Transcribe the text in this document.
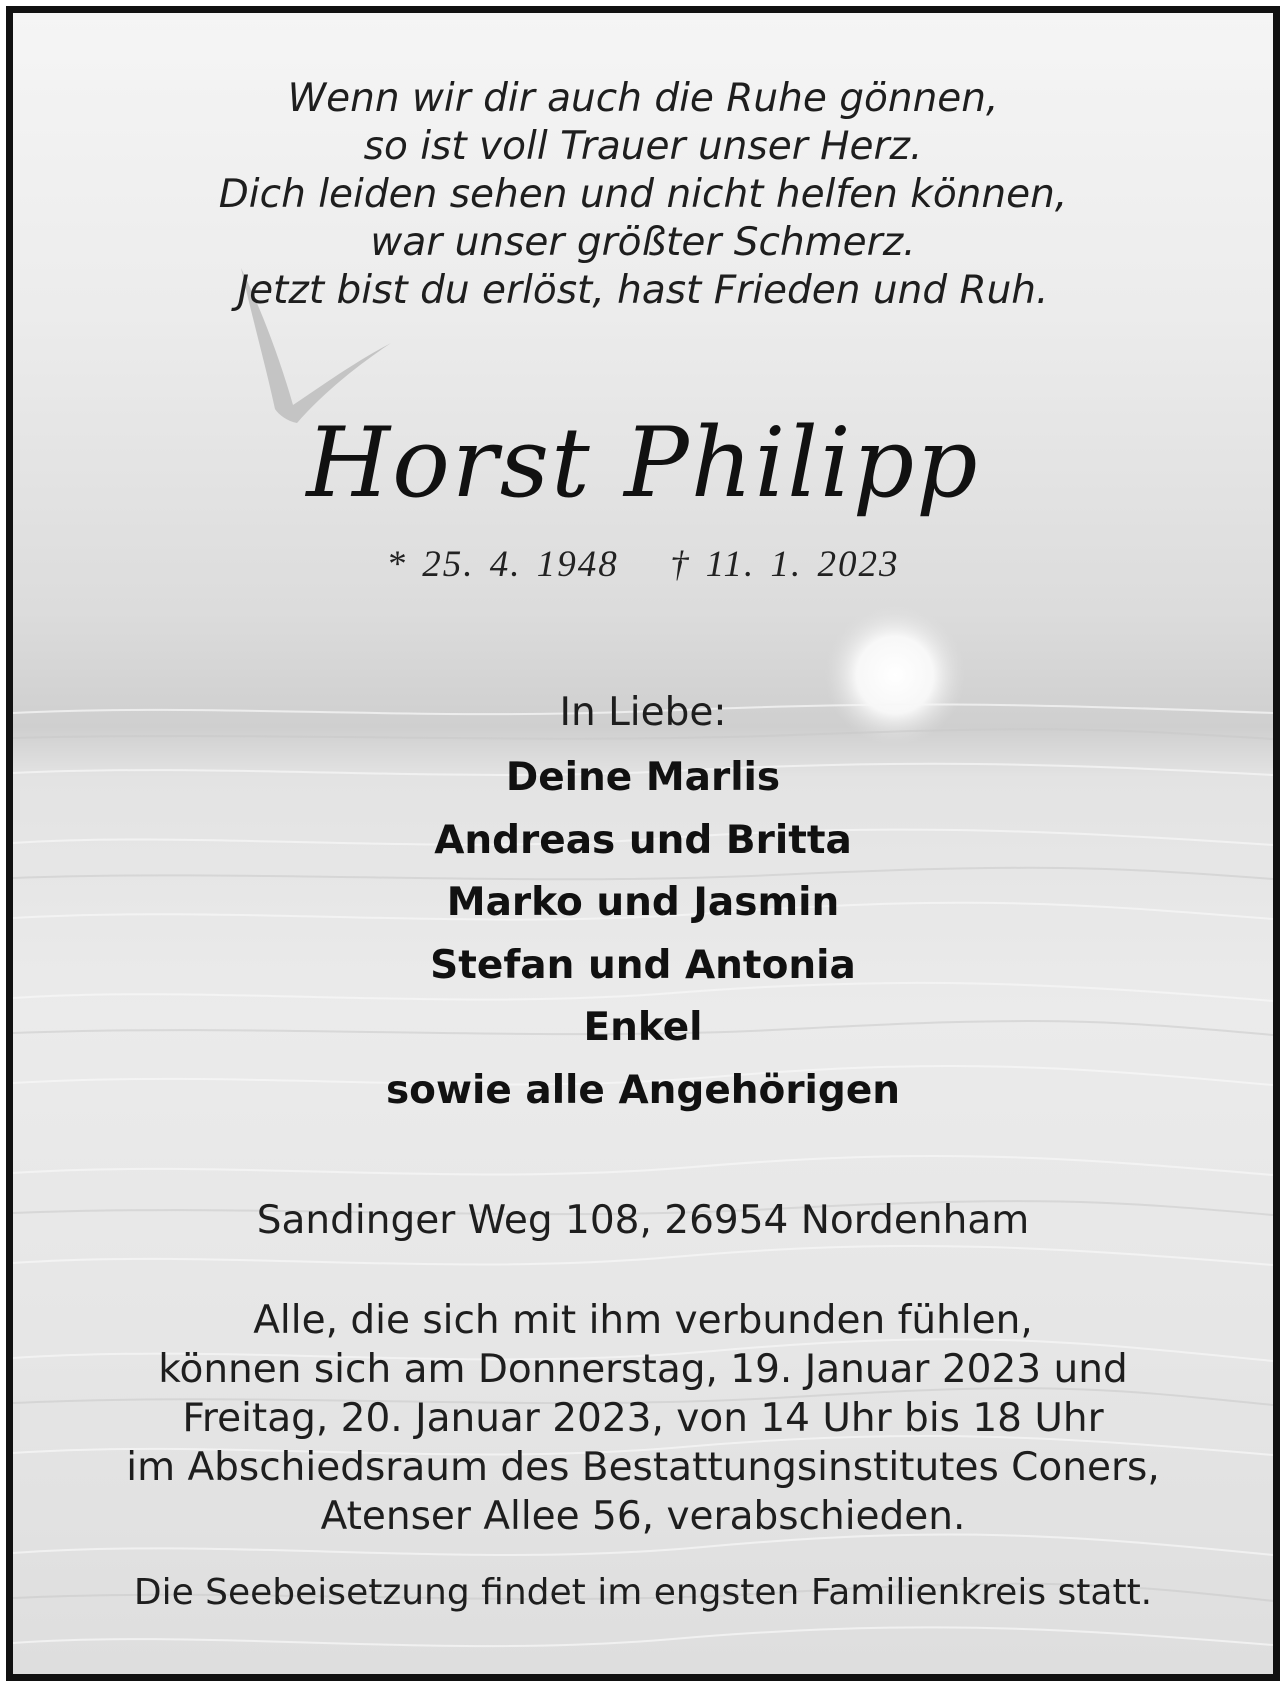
Wenn wir dir auch die Ruhe gönnen,
so ist voll Trauer unser Herz.
Dich leiden sehen und nicht helfen können,
war unser größter Schmerz.
Jetzt bist du erlöst, hast Frieden und Ruh.
Horst Philipp
* 25. 4. 1948 † 11. 1. 2023
In Liebe:
Deine Marlis
Andreas und Britta
Marko und Jasmin
Stefan und Antonia
Enkel
sowie alle Angehörigen
Sandinger Weg 108, 26954 Nordenham
Alle, die sich mit ihm verbunden fühlen,
können sich am Donnerstag, 19. Januar 2023 und
Freitag, 20. Januar 2023, von 14 Uhr bis 18 Uhr
im Abschiedsraum des Bestattungsinstitutes Coners,
Atenser Allee 56, verabschieden.
Die Seebeisetzung findet im engsten Familienkreis statt.
